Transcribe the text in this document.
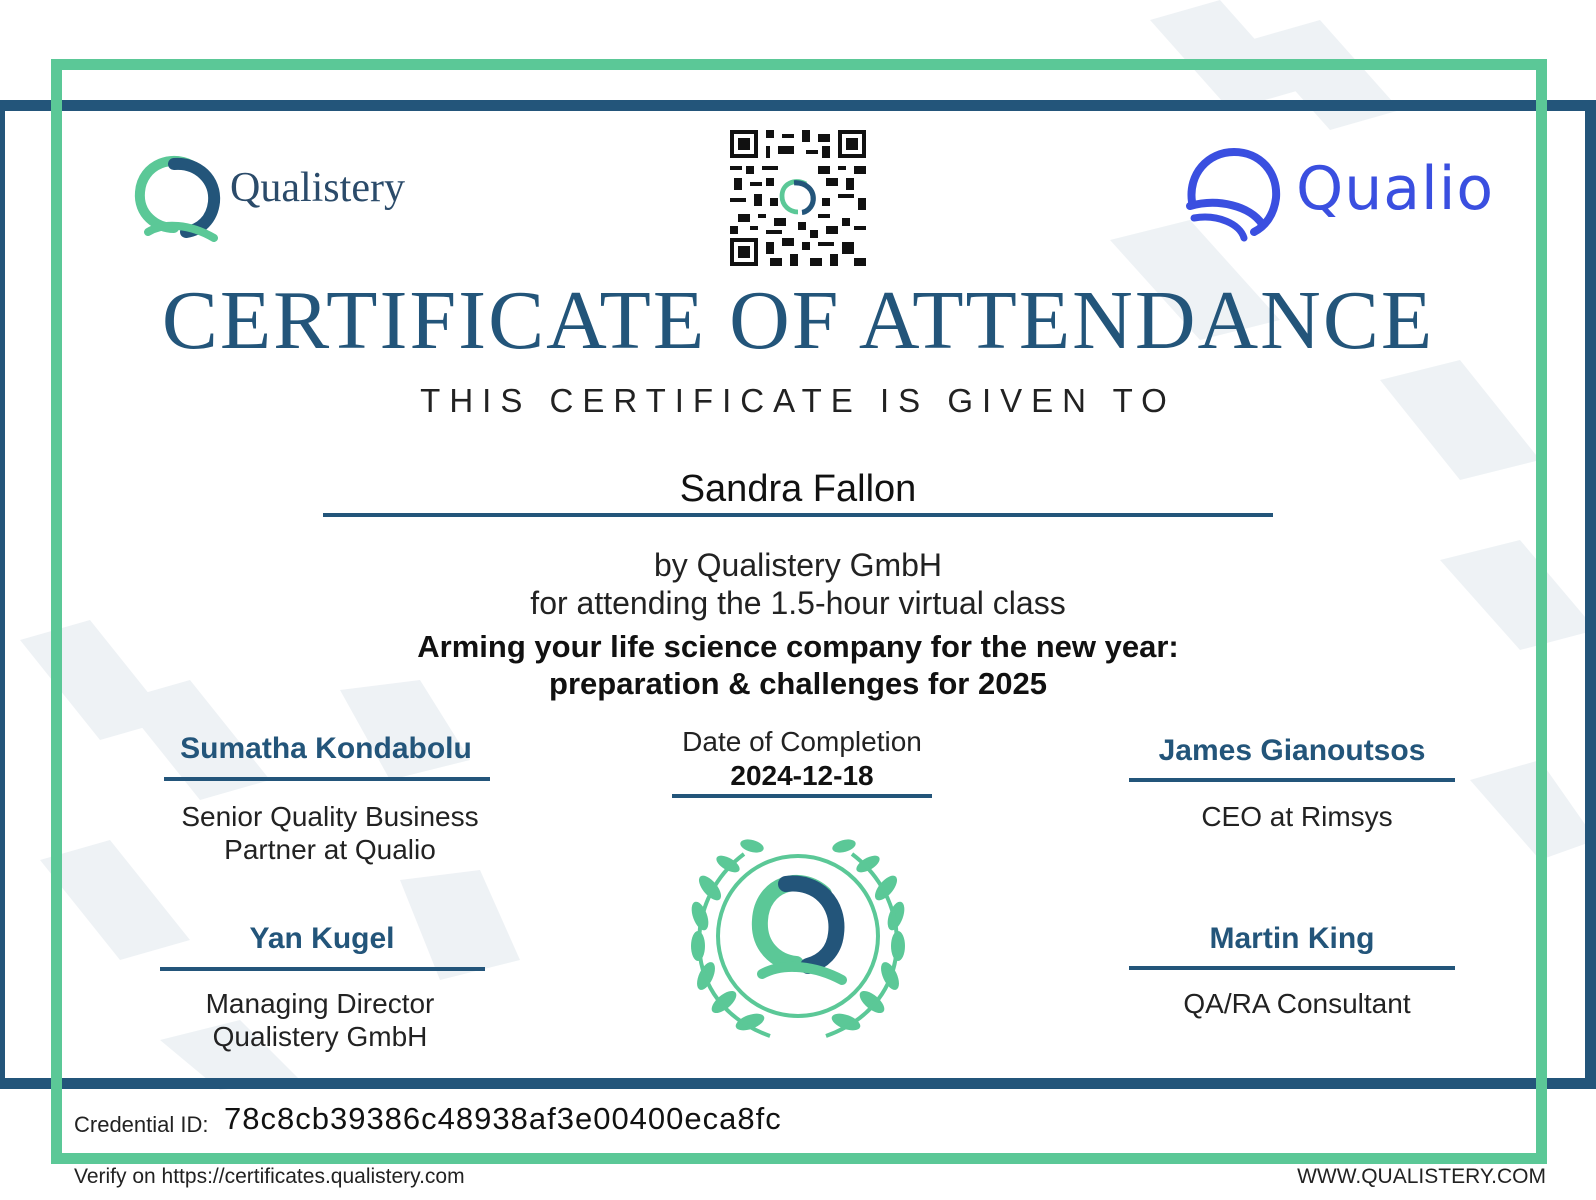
Qualistery	Qualio
CERTIFICATE OF ATTENDANCE
THIS CERTIFICATE IS GIVEN TO
Sandra Fallon
by Qualistery GmbH
for attending the 1.5-hour virtual class
Arming your life science company for the new year:
preparation & challenges for 2025
Sumatha Kondabolu
Senior Quality Business
Partner at Qualio
Yan Kugel
Managing Director
Qualistery GmbH
James Gianoutsos
CEO at Rimsys
Martin King
QA/RA Consultant
Date of Completion
2024-12-18
Credential ID: 78c8cb39386c48938af3e00400eca8fc
Verify on https://certificates.qualistery.com	WWW.QUALISTERY.COM
